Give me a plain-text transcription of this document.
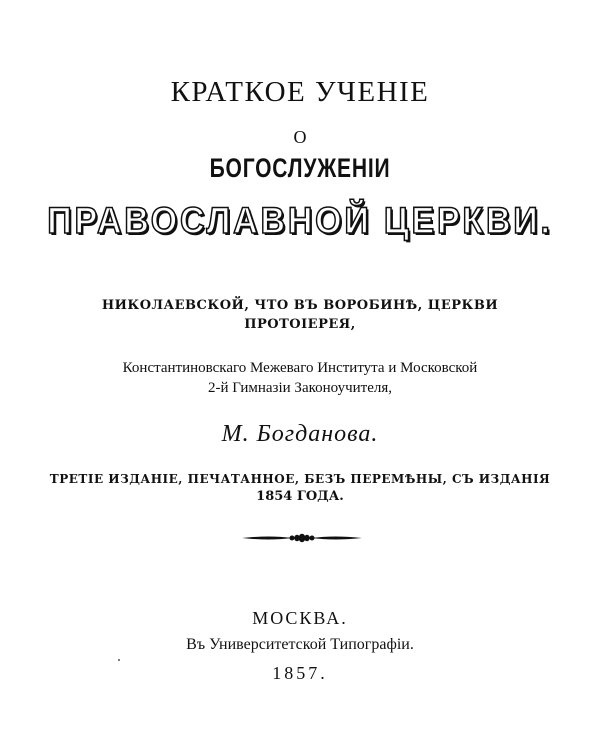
КРАТКОЕ УЧЕНІЕ
О
БОГОСЛУЖЕНІИ
ПРАВОСЛАВНОЙ ЦЕРКВИ.
НИКОЛАЕВСКОЙ, ЧТО ВЪ ВОРОБИНѢ, ЦЕРКВИ
ПРОТОІЕРЕЯ,
Константиновскаго Межеваго Института и Московской
2-й Гимназіи Законоучителя,
М. Богданова.
ТРЕТІЕ ИЗДАНІЕ, ПЕЧАТАННОЕ, БЕЗЪ ПЕРЕМѢНЫ, СЪ ИЗДАНІЯ
1854 ГОДА.
МОСКВА.
Въ Университетской Типографіи.
1857.
